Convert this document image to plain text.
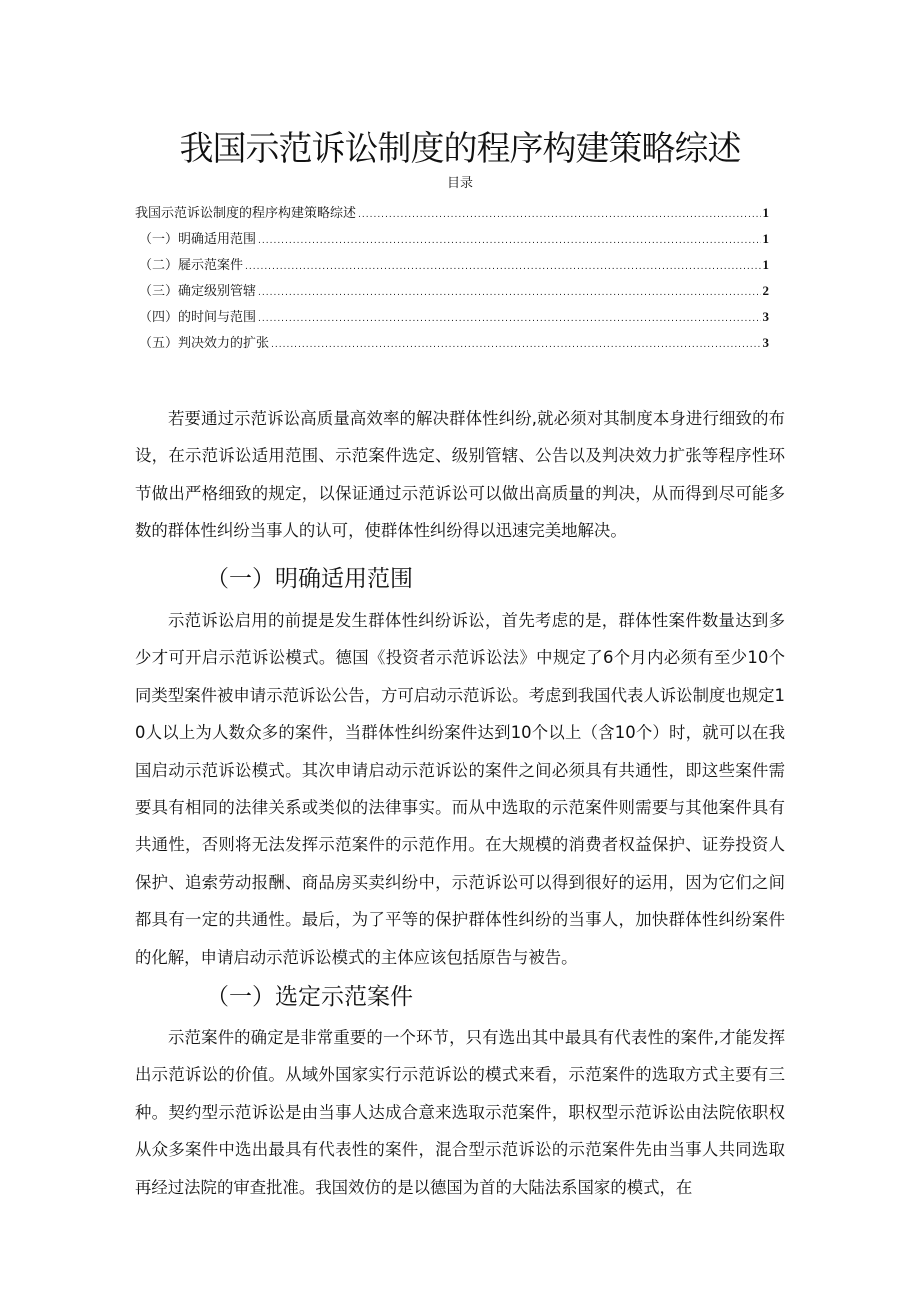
我国示范诉讼制度的程序构建策略综述
目录
我国示范诉讼制度的程序构建策略综述 .....	1
（一）明确适用范围 .....	1
（二）屣示范案件 .....	1
（三）确定级别管辖 .....	2
（四）的时间与范围 .....	3
（五）判决效力的扩张 .....	3

若要通过示范诉讼高质量高效率的解决群体性纠纷,就必须对其制度本身进行细致的布设，在示范诉讼适用范围、示范案件选定、级别管辖、公告以及判决效力扩张等程序性环节做出严格细致的规定，以保证通过示范诉讼可以做出高质量的判决，从而得到尽可能多数的群体性纠纷当事人的认可，使群体性纠纷得以迅速完美地解决。

（一）明确适用范围

示范诉讼启用的前提是发生群体性纠纷诉讼，首先考虑的是，群体性案件数量达到多少才可开启示范诉讼模式。德国《投资者示范诉讼法》中规定了6个月内必须有至少10个同类型案件被申请示范诉讼公告，方可启动示范诉讼。考虑到我国代表人诉讼制度也规定10人以上为人数众多的案件，当群体性纠纷案件达到10个以上（含10个）时，就可以在我国启动示范诉讼模式。其次申请启动示范诉讼的案件之间必须具有共通性，即这些案件需要具有相同的法律关系或类似的法律事实。而从中选取的示范案件则需要与其他案件具有共通性，否则将无法发挥示范案件的示范作用。在大规模的消费者权益保护、证券投资人保护、追索劳动报酬、商品房买卖纠纷中，示范诉讼可以得到很好的运用，因为它们之间都具有一定的共通性。最后，为了平等的保护群体性纠纷的当事人，加快群体性纠纷案件的化解，申请启动示范诉讼模式的主体应该包括原告与被告。

（一）选定示范案件

示范案件的确定是非常重要的一个环节，只有选出其中最具有代表性的案件,才能发挥出示范诉讼的价值。从域外国家实行示范诉讼的模式来看，示范案件的选取方式主要有三种。契约型示范诉讼是由当事人达成合意来选取示范案件，职权型示范诉讼由法院依职权从众多案件中选出最具有代表性的案件，混合型示范诉讼的示范案件先由当事人共同选取再经过法院的审查批准。我国效仿的是以德国为首的大陆法系国家的模式，在
